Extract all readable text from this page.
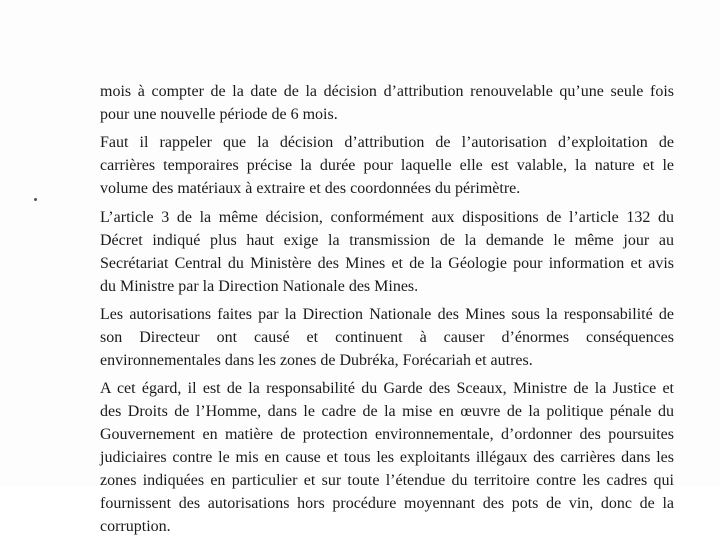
mois à compter de la date de la décision d’attribution renouvelable qu’une seule fois
pour une nouvelle période de 6 mois.

Faut il rappeler que la décision d’attribution de l’autorisation d’exploitation de
carrières temporaires précise la durée pour laquelle elle est valable, la nature et le
volume des matériaux à extraire et des coordonnées du périmètre.

L’article 3 de la même décision, conformément aux dispositions de l’article 132 du
Décret indiqué plus haut exige la transmission de la demande le même jour au
Secrétariat Central du Ministère des Mines et de la Géologie pour information et avis
du Ministre par la Direction Nationale des Mines.

Les autorisations faites par la Direction Nationale des Mines sous la responsabilité de
son Directeur ont causé et continuent à causer d’énormes conséquences
environnementales dans les zones de Dubréka, Forécariah et autres.

A cet égard, il est de la responsabilité du Garde des Sceaux, Ministre de la Justice et
des Droits de l’Homme, dans le cadre de la mise en œuvre de la politique pénale du
Gouvernement en matière de protection environnementale, d’ordonner des poursuites
judiciaires contre le mis en cause et tous les exploitants illégaux des carrières dans les
zones indiquées en particulier et sur toute l’étendue du territoire contre les cadres qui
fournissent des autorisations hors procédure moyennant des pots de vin, donc de la
corruption.
